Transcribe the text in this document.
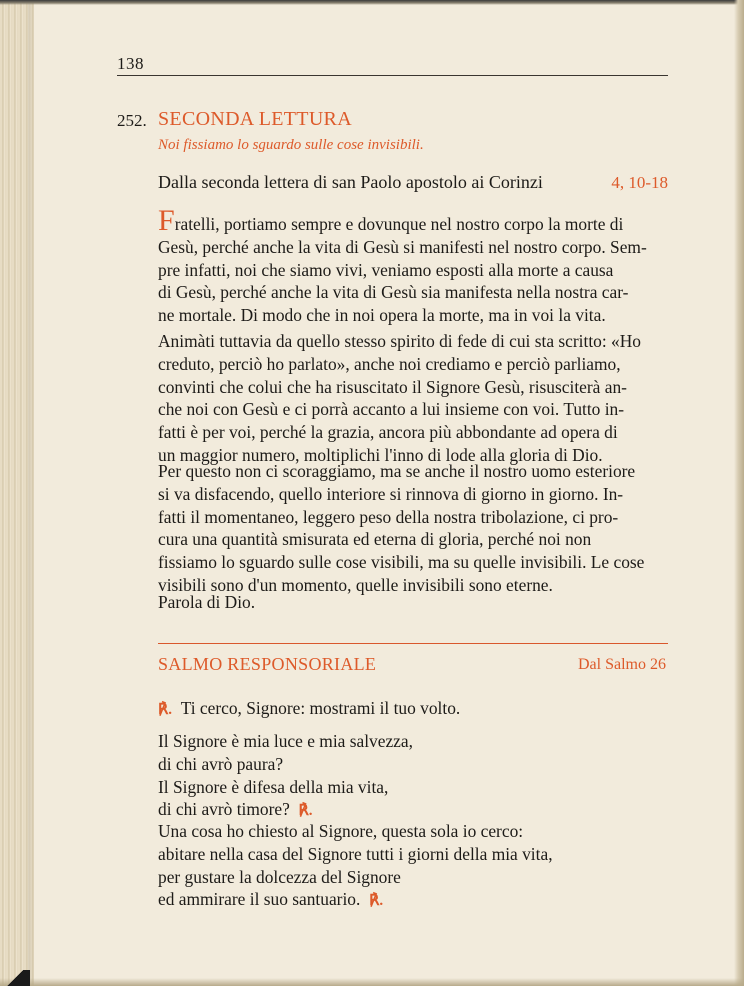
138
252. SECONDA LETTURA
Noi fissiamo lo sguardo sulle cose invisibili.
Dalla seconda lettera di san Paolo apostolo ai Corinzi	4, 10-18
Fratelli, portiamo sempre e dovunque nel nostro corpo la morte di
Gesù, perché anche la vita di Gesù si manifesti nel nostro corpo. Sem-
pre infatti, noi che siamo vivi, veniamo esposti alla morte a causa
di Gesù, perché anche la vita di Gesù sia manifesta nella nostra car-
ne mortale. Di modo che in noi opera la morte, ma in voi la vita.
Animàti tuttavia da quello stesso spirito di fede di cui sta scritto: «Ho
creduto, perciò ho parlato», anche noi crediamo e perciò parliamo,
convinti che colui che ha risuscitato il Signore Gesù, risusciterà an-
che noi con Gesù e ci porrà accanto a lui insieme con voi. Tutto in-
fatti è per voi, perché la grazia, ancora più abbondante ad opera di
un maggior numero, moltiplichi l'inno di lode alla gloria di Dio.
Per questo non ci scoraggiamo, ma se anche il nostro uomo esteriore
si va disfacendo, quello interiore si rinnova di giorno in giorno. In-
fatti il momentaneo, leggero peso della nostra tribolazione, ci pro-
cura una quantità smisurata ed eterna di gloria, perché noi non
fissiamo lo sguardo sulle cose visibili, ma su quelle invisibili. Le cose
visibili sono d'un momento, quelle invisibili sono eterne.
Parola di Dio.
SALMO RESPONSORIALE	Dal Salmo 26
℟. Ti cerco, Signore: mostrami il tuo volto.
Il Signore è mia luce e mia salvezza,
di chi avrò paura?
Il Signore è difesa della mia vita,
di chi avrò timore? ℟.
Una cosa ho chiesto al Signore, questa sola io cerco:
abitare nella casa del Signore tutti i giorni della mia vita,
per gustare la dolcezza del Signore
ed ammirare il suo santuario. ℟.
